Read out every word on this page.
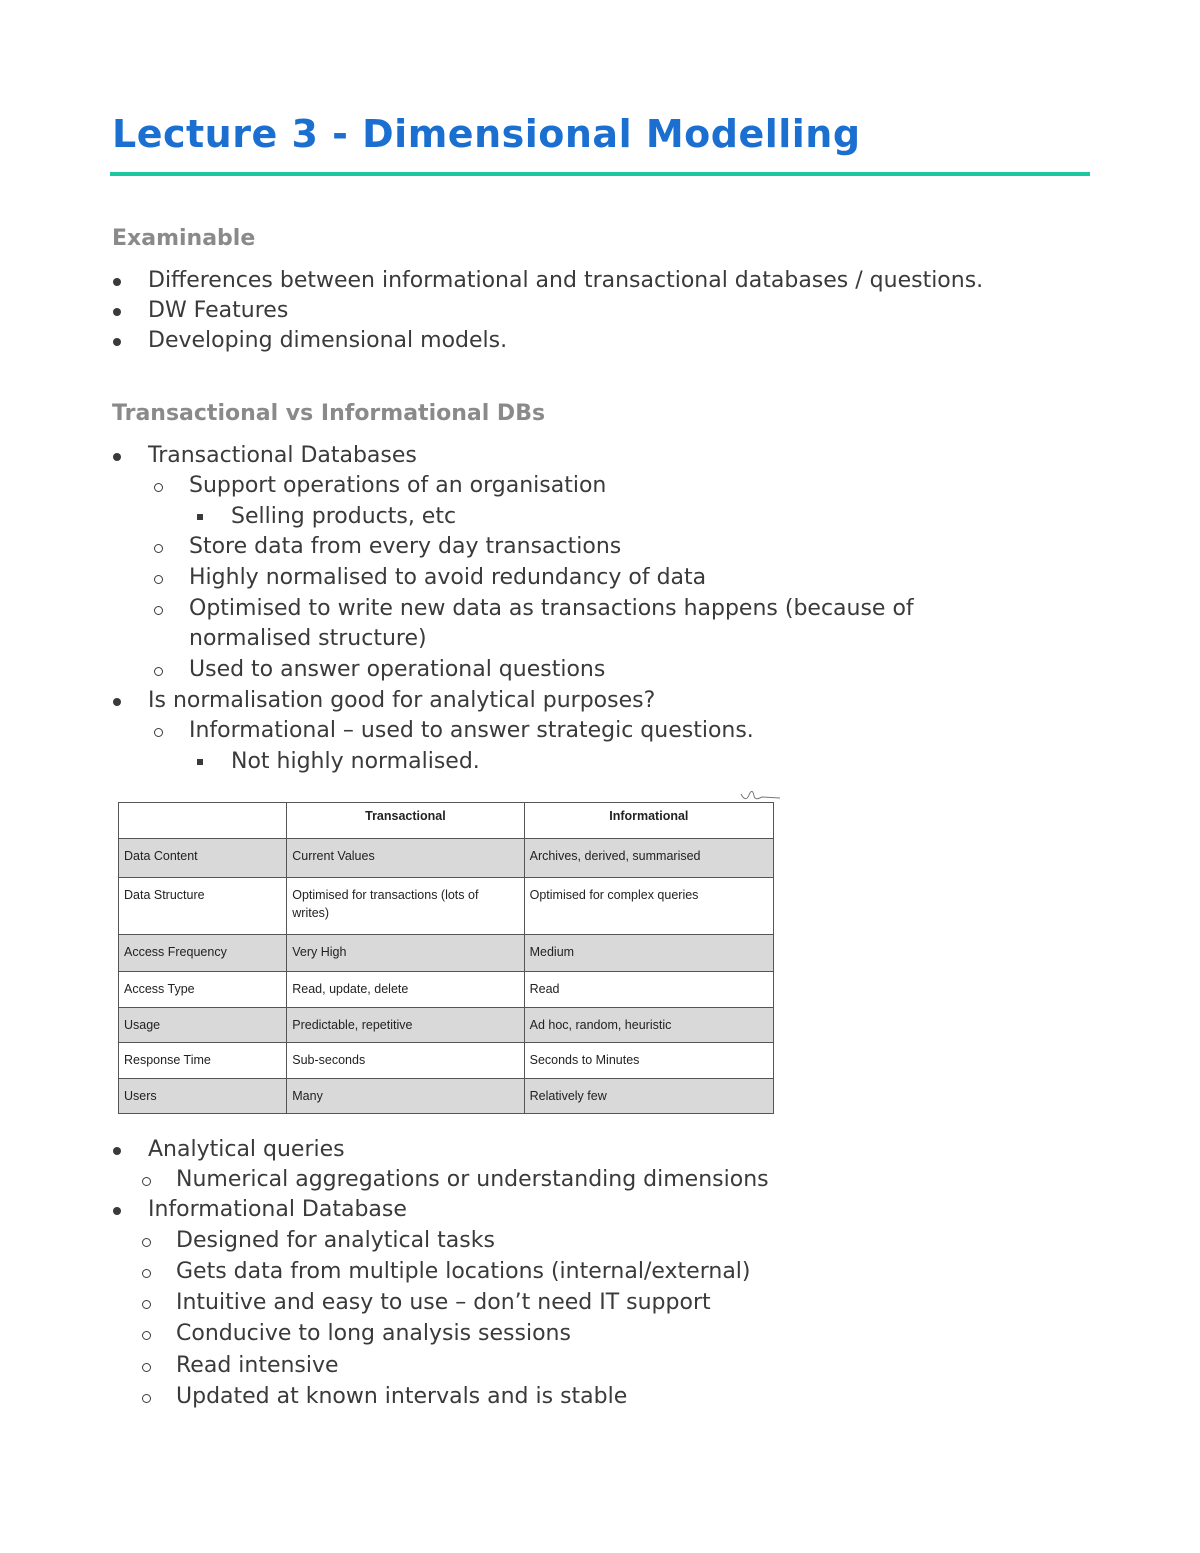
Lecture 3 - Dimensional Modelling
Examinable
Differences between informational and transactional databases / questions.
DW Features
Developing dimensional models.
Transactional vs Informational DBs
Transactional Databases
Support operations of an organisation
Selling products, etc
Store data from every day transactions
Highly normalised to avoid redundancy of data
Optimised to write new data as transactions happens (because of
normalised structure)
Used to answer operational questions
Is normalisation good for analytical purposes?
Informational – used to answer strategic questions.
Not highly normalised.
	Transactional	Informational
Data Content	Current Values	Archives, derived, summarised
Data Structure	Optimised for transactions (lots of writes)	Optimised for complex queries
Access Frequency	Very High	Medium
Access Type	Read, update, delete	Read
Usage	Predictable, repetitive	Ad hoc, random, heuristic
Response Time	Sub-seconds	Seconds to Minutes
Users	Many	Relatively few
Analytical queries
Numerical aggregations or understanding dimensions
Informational Database
Designed for analytical tasks
Gets data from multiple locations (internal/external)
Intuitive and easy to use – don’t need IT support
Conducive to long analysis sessions
Read intensive
Updated at known intervals and is stable
